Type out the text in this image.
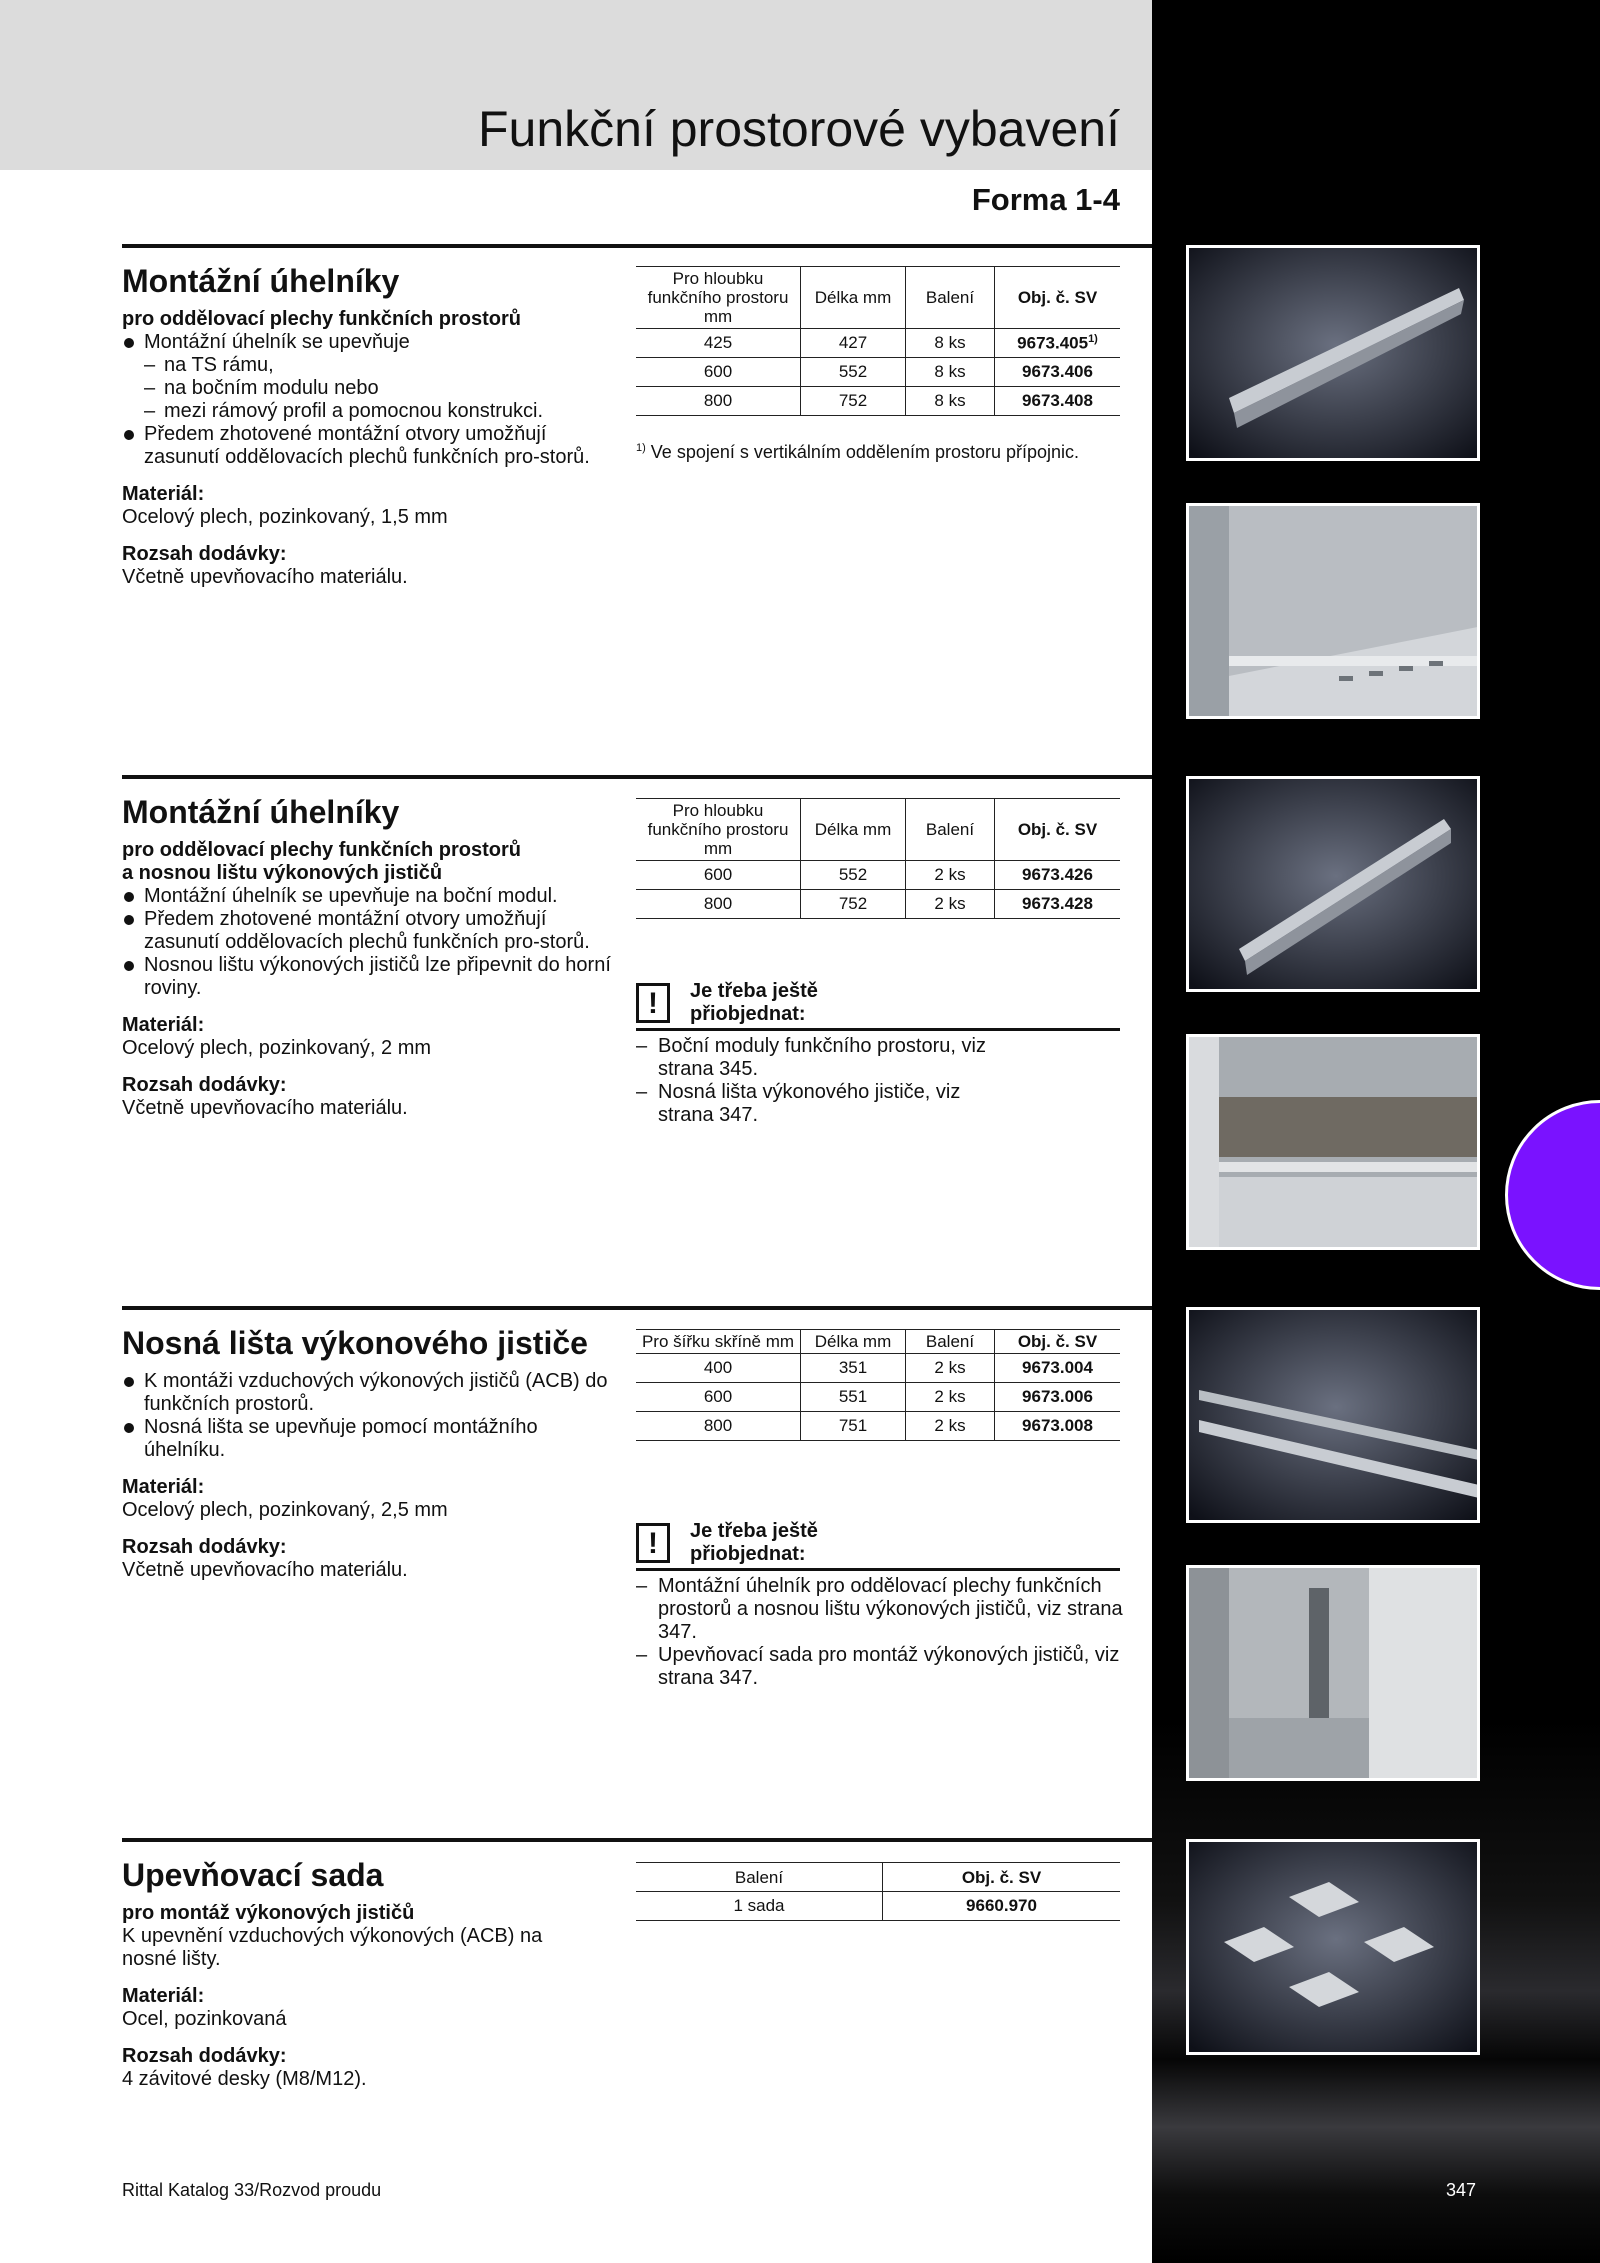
Funkční prostorové vybavení
Forma 1-4
Montážní úhelníky

pro oddělovací plechy funkčních prostorů

Montážní úhelník se upevňuje
– na TS rámu,
– na bočním modulu nebo
– mezi rámový profil a pomocnou konstrukci.
Předem zhotovené montážní otvory umožňují zasunutí oddělovacích plechů funkčních pro-storů.
Materiál:

Ocelový plech, pozinkovaný, 1,5 mm

Rozsah dodávky:

Včetně upevňovacího materiálu.

Pro hloubku funkčního prostoru mm	Délka mm	Balení	Obj. č. SV
425	427	8 ks	9673.405$^{1)}$
600	552	8 ks	9673.406
800	752	8 ks	9673.408
$^{1)}$ Ve spojení s vertikálním oddělením prostoru přípojnic.
Montážní úhelníky

pro oddělovací plechy funkčních prostorů

a nosnou lištu výkonových jističů

Montážní úhelník se upevňuje na boční modul.
Předem zhotovené montážní otvory umožňují zasunutí oddělovacích plechů funkčních pro-storů.
Nosnou lištu výkonových jističů lze připevnit do horní roviny.
Materiál:

Ocelový plech, pozinkovaný, 2 mm

Rozsah dodávky:

Včetně upevňovacího materiálu.

Pro hloubku funkčního prostoru mm	Délka mm	Balení	Obj. č. SV
600	552	2 ks	9673.426
800	752	2 ks	9673.428
!	Je třeba ještě přiobjednat:
– Boční moduly funkčního prostoru, viz strana 345.
– Nosná lišta výkonového jističe, viz strana 347.
Nosná lišta výkonového jističe
K montáži vzduchových výkonových jističů (ACB) do funkčních prostorů.
Nosná lišta se upevňuje pomocí montážního úhelníku.
Materiál:

Ocelový plech, pozinkovaný, 2,5 mm

Rozsah dodávky:

Včetně upevňovacího materiálu.

Pro šířku skříně mm	Délka mm	Balení	Obj. č. SV
400	351	2 ks	9673.004
600	551	2 ks	9673.006
800	751	2 ks	9673.008
!	Je třeba ještě přiobjednat:
– Montážní úhelník pro oddělovací plechy funkčních prostorů a nosnou lištu výkonových jističů, viz strana 347.
– Upevňovací sada pro montáž výkonových jističů, viz strana 347.
Upevňovací sada

pro montáž výkonových jističů

K upevnění vzduchových výkonových (ACB) na nosné lišty.

Materiál:

Ocel, pozinkovaná

Rozsah dodávky:

4 závitové desky (M8/M12).

Balení	Obj. č. SV
1 sada	9660.970
Rittal Katalog 33/Rozvod proudu	347
